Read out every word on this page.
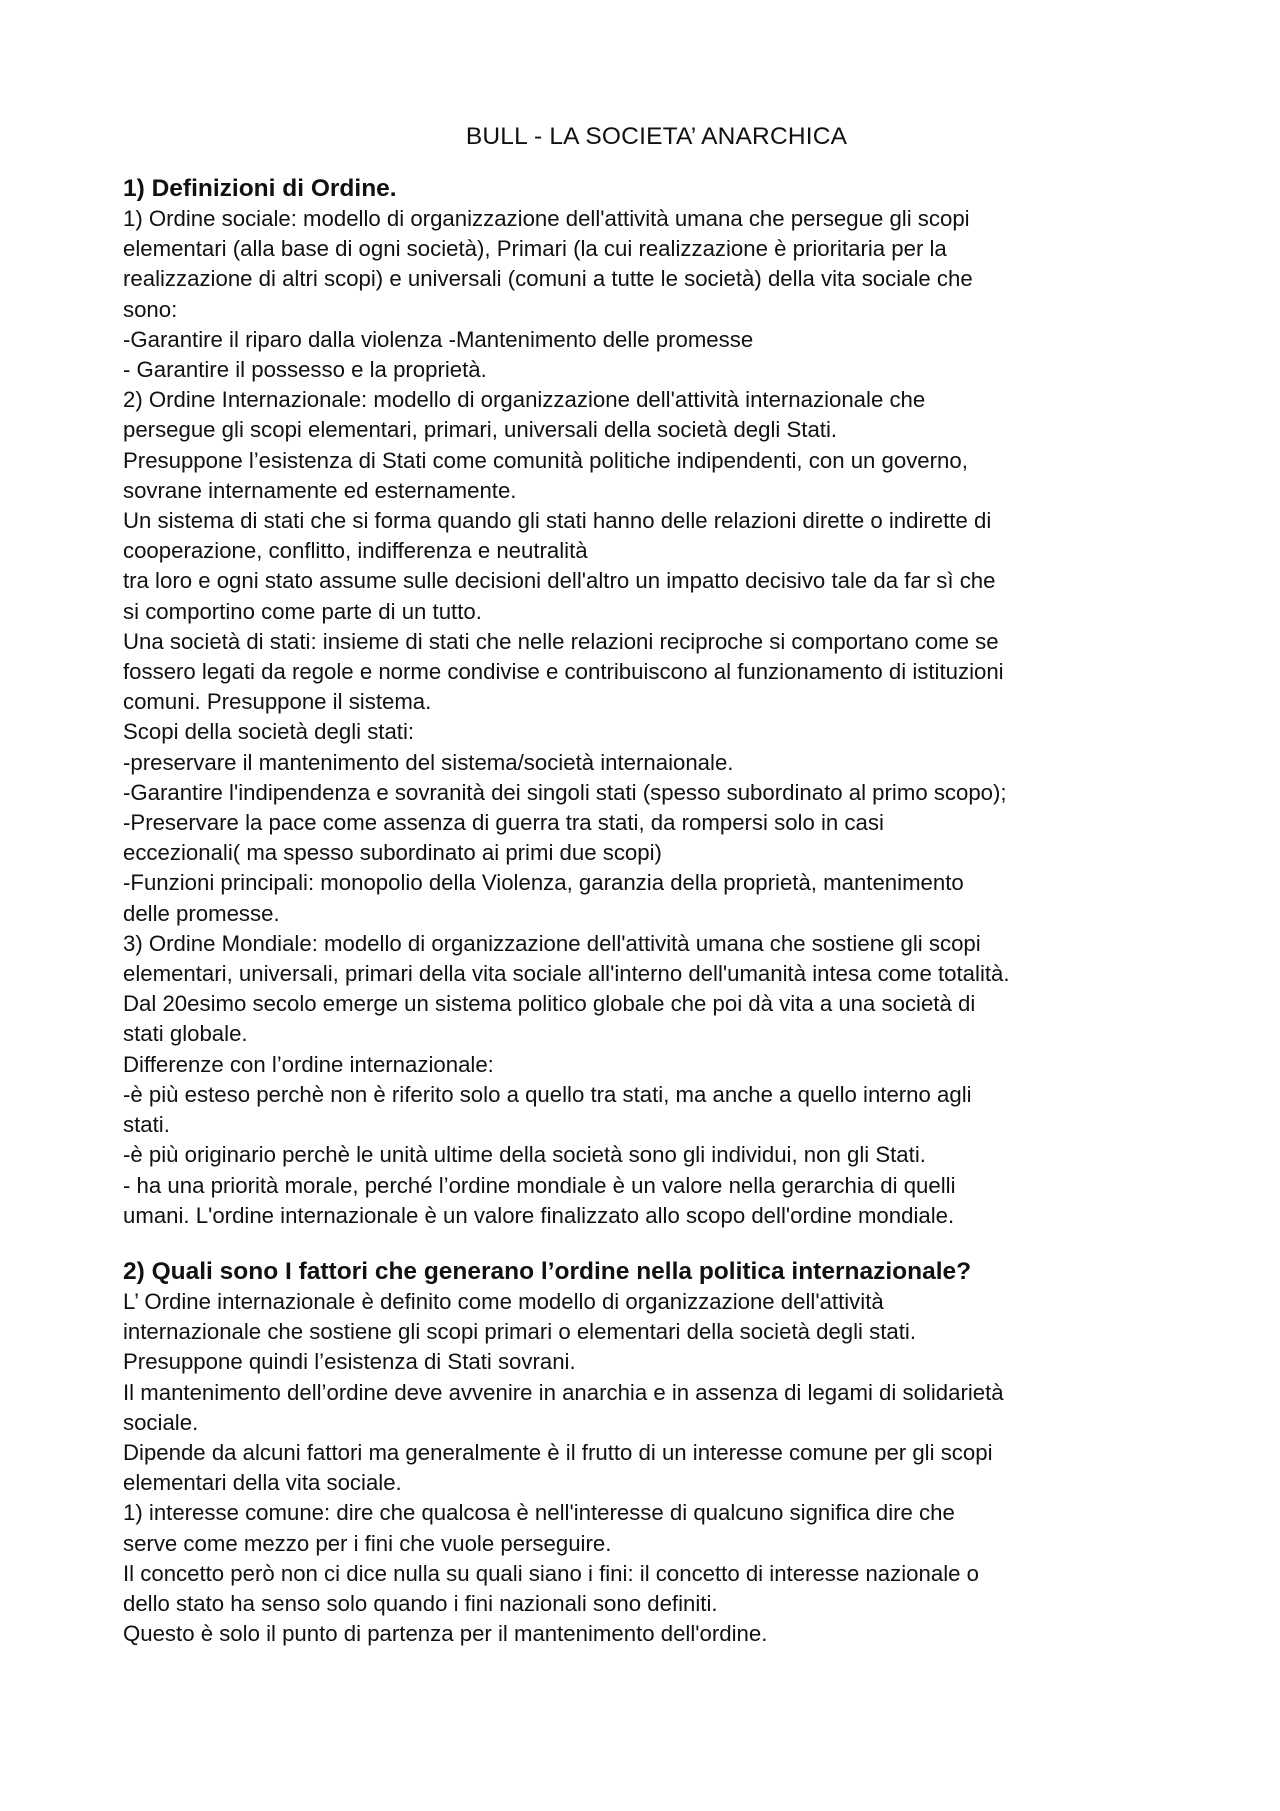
BULL - LA SOCIETA’ ANARCHICA
1) Definizioni di Ordine.
1) Ordine sociale: modello di organizzazione dell'attività umana che persegue gli scopi
elementari (alla base di ogni società), Primari (la cui realizzazione è prioritaria per la
realizzazione di altri scopi) e universali (comuni a tutte le società) della vita sociale che
sono:
-Garantire il riparo dalla violenza -Mantenimento delle promesse
- Garantire il possesso e la proprietà.
2) Ordine Internazionale: modello di organizzazione dell'attività internazionale che
persegue gli scopi elementari, primari, universali della società degli Stati.
Presuppone l’esistenza di Stati come comunità politiche indipendenti, con un governo,
sovrane internamente ed esternamente.
Un sistema di stati che si forma quando gli stati hanno delle relazioni dirette o indirette di
cooperazione, conflitto, indifferenza e neutralità
tra loro e ogni stato assume sulle decisioni dell'altro un impatto decisivo tale da far sì che
si comportino come parte di un tutto.
Una società di stati: insieme di stati che nelle relazioni reciproche si comportano come se
fossero legati da regole e norme condivise e contribuiscono al funzionamento di istituzioni
comuni. Presuppone il sistema.
Scopi della società degli stati:
-preservare il mantenimento del sistema/società internaionale.
-Garantire l'indipendenza e sovranità dei singoli stati (spesso subordinato al primo scopo);
-Preservare la pace come assenza di guerra tra stati, da rompersi solo in casi
eccezionali( ma spesso subordinato ai primi due scopi)
-Funzioni principali: monopolio della Violenza, garanzia della proprietà, mantenimento
delle promesse.
3) Ordine Mondiale: modello di organizzazione dell'attività umana che sostiene gli scopi
elementari, universali, primari della vita sociale all'interno dell'umanità intesa come totalità.
Dal 20esimo secolo emerge un sistema politico globale che poi dà vita a una società di
stati globale.
Differenze con l’ordine internazionale:
-è più esteso perchè non è riferito solo a quello tra stati, ma anche a quello interno agli
stati.
-è più originario perchè le unità ultime della società sono gli individui, non gli Stati.
- ha una priorità morale, perché l’ordine mondiale è un valore nella gerarchia di quelli
umani. L'ordine internazionale è un valore finalizzato allo scopo dell'ordine mondiale.
2) Quali sono I fattori che generano l’ordine nella politica internazionale?
L’ Ordine internazionale è definito come modello di organizzazione dell'attività
internazionale che sostiene gli scopi primari o elementari della società degli stati.
Presuppone quindi l’esistenza di Stati sovrani.
Il mantenimento dell’ordine deve avvenire in anarchia e in assenza di legami di solidarietà
sociale.
Dipende da alcuni fattori ma generalmente è il frutto di un interesse comune per gli scopi
elementari della vita sociale.
1) interesse comune: dire che qualcosa è nell'interesse di qualcuno significa dire che
serve come mezzo per i fini che vuole perseguire.
Il concetto però non ci dice nulla su quali siano i fini: il concetto di interesse nazionale o
dello stato ha senso solo quando i fini nazionali sono definiti.
Questo è solo il punto di partenza per il mantenimento dell'ordine.
